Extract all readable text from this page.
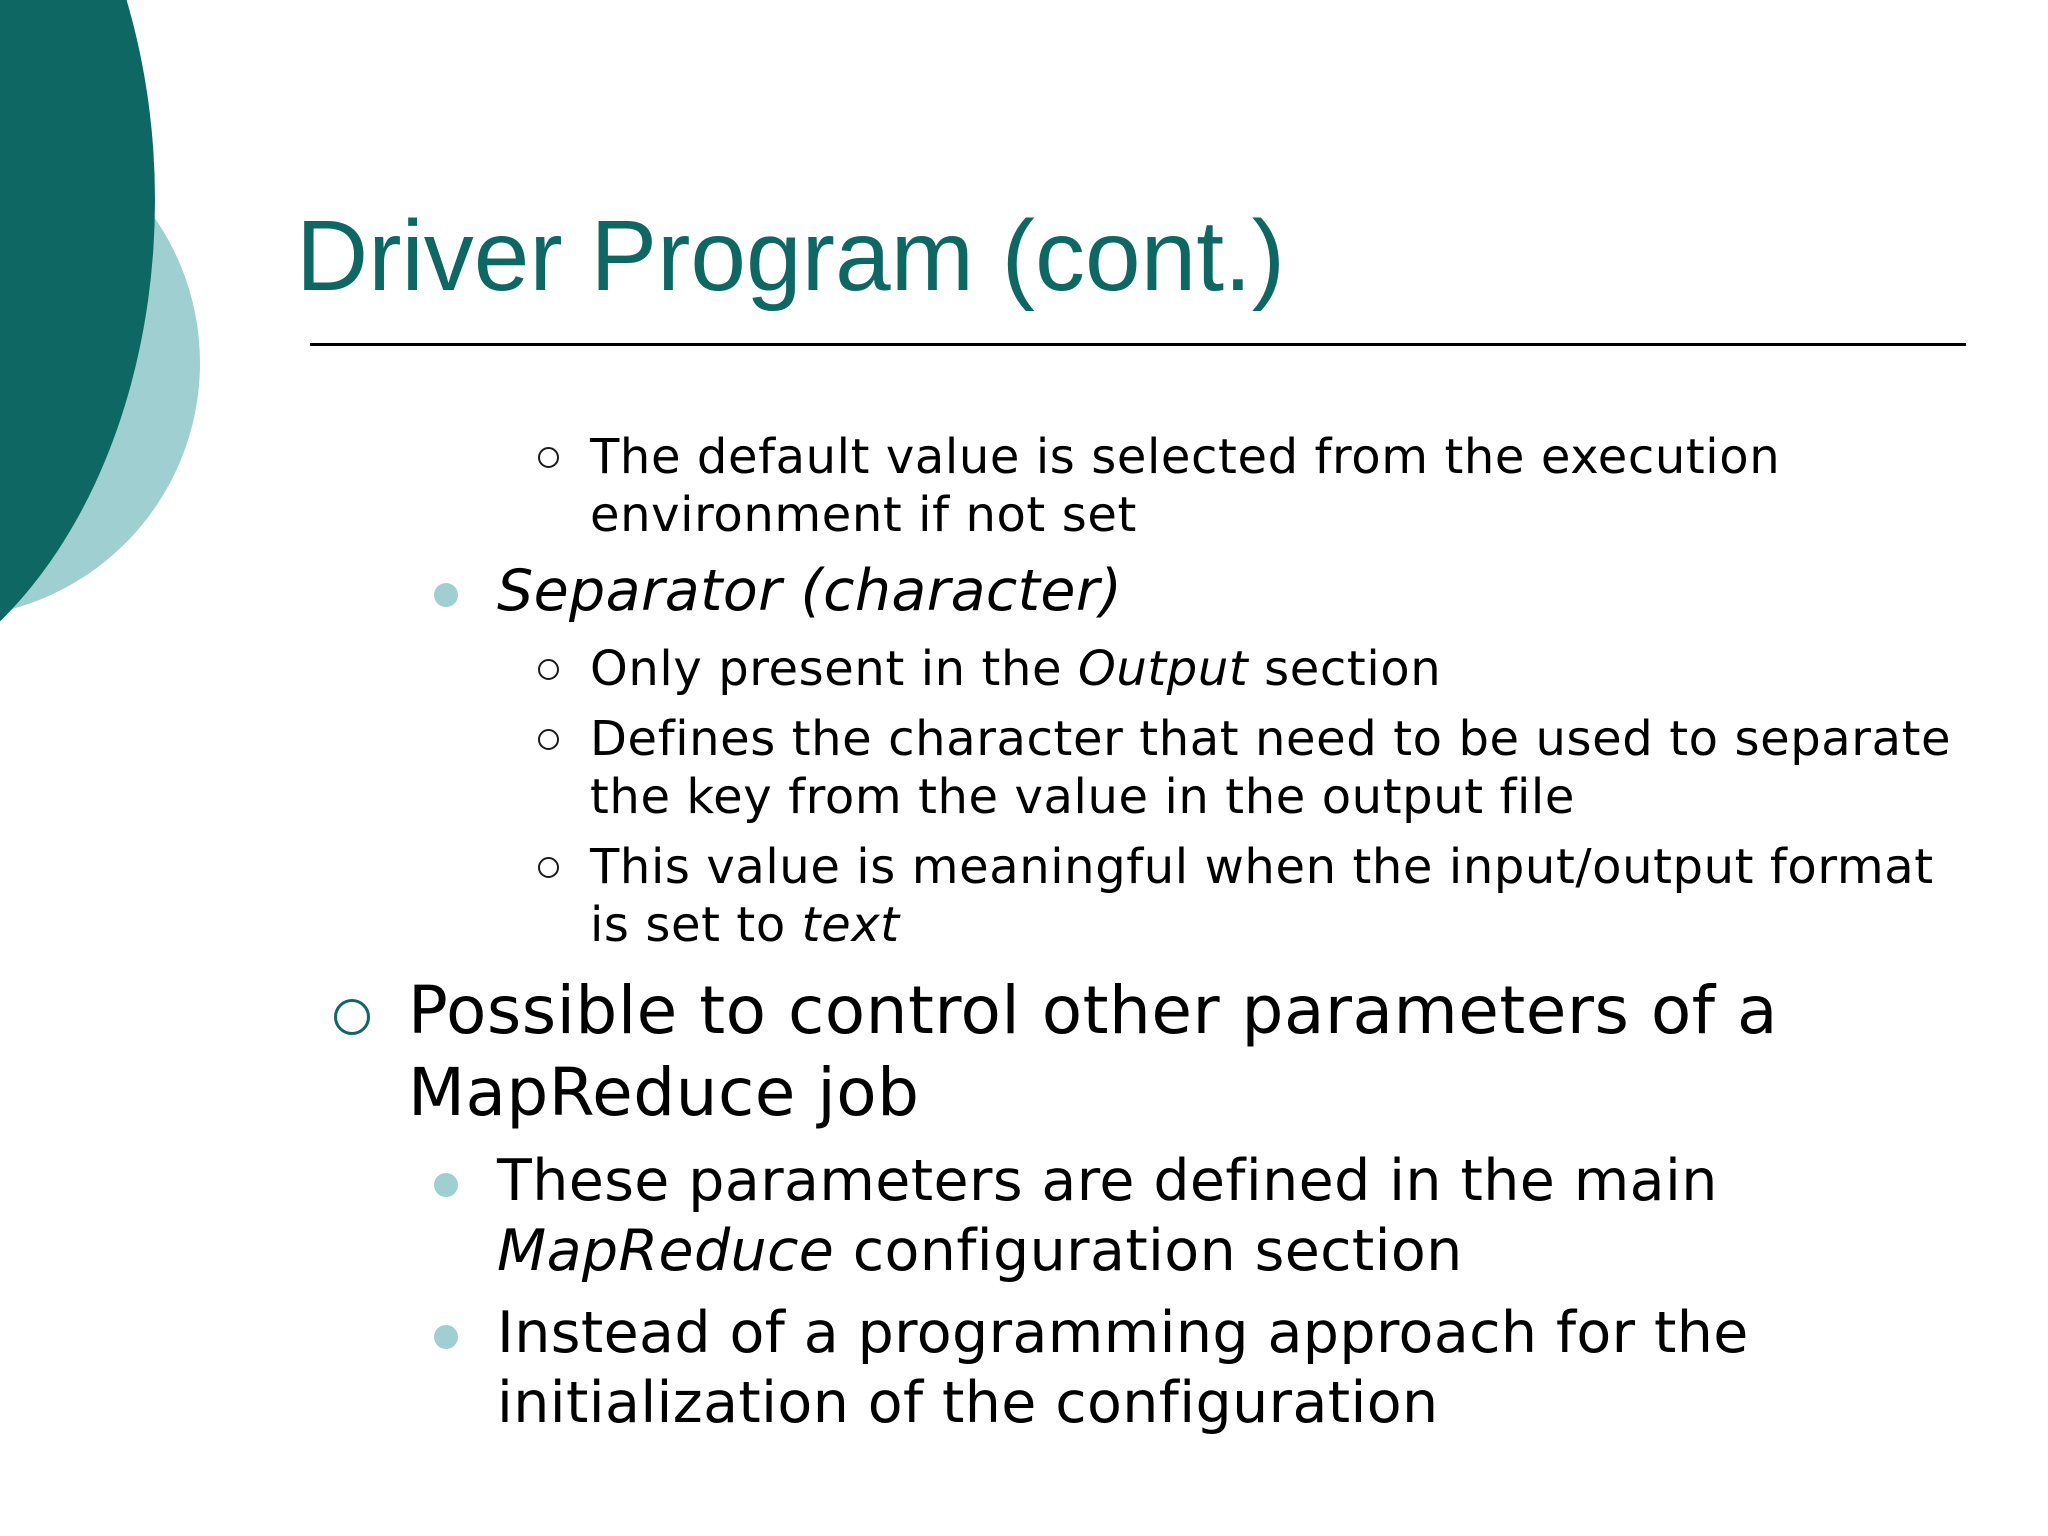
Driver Program (cont.)
The default value is selected from the execution
environment if not set
Separator (character)
Only present in the Output section
Defines the character that need to be used to separate
the key from the value in the output file
This value is meaningful when the input/output format
is set to text
Possible to control other parameters of a
MapReduce job
These parameters are defined in the main
MapReduce configuration section
Instead of a programming approach for the
initialization of the configuration
